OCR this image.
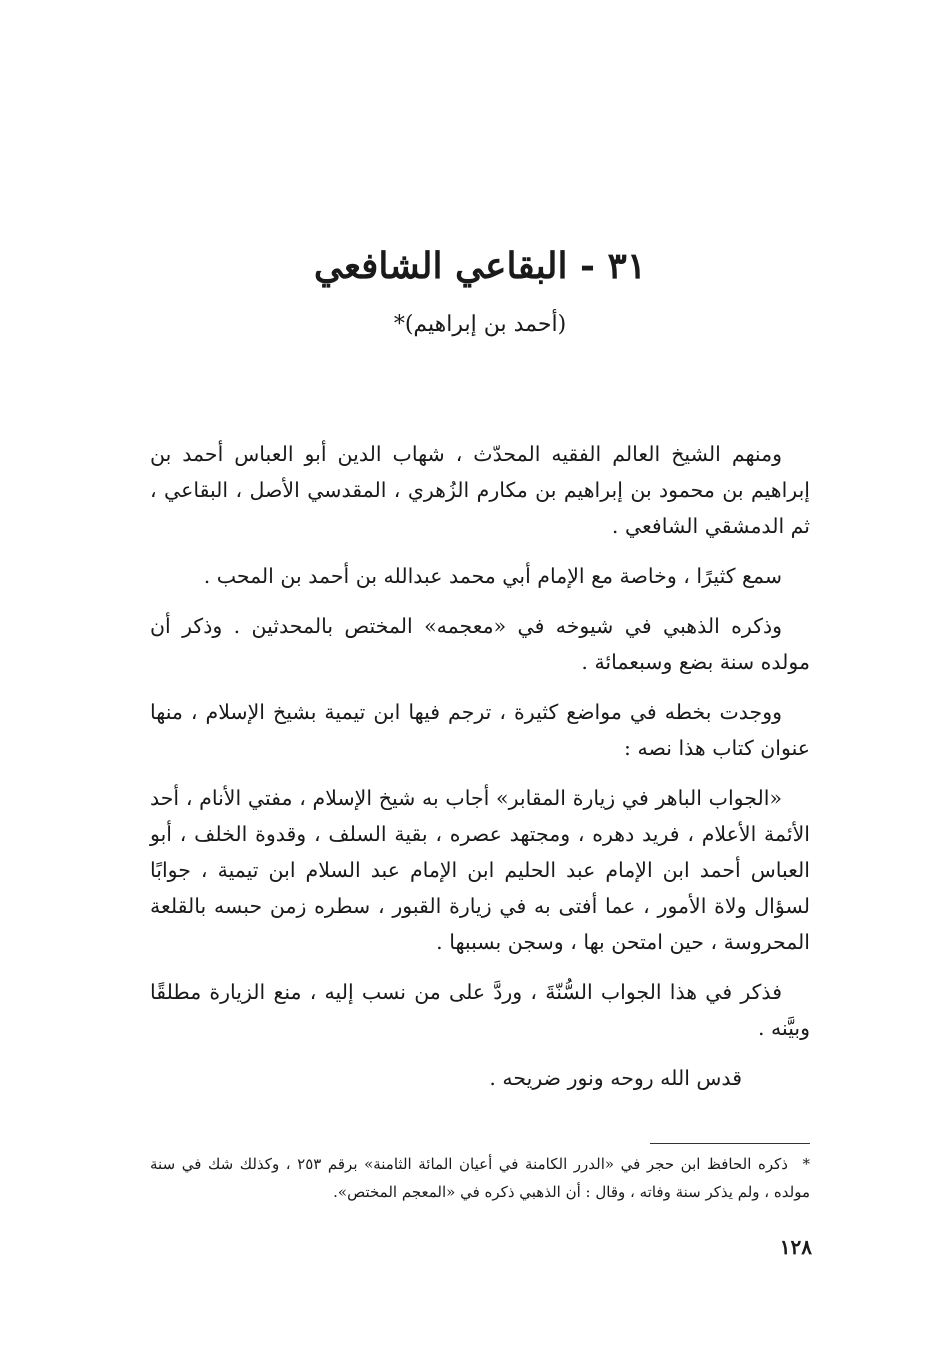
٣١ - البقاعي الشافعي
(أحمد بن إبراهيم)*

ومنهم الشيخ العالم الفقيه المحدّث ، شهاب الدين أبو العباس أحمد بن إبراهيم بن محمود بن إبراهيم بن مكارم الزُهري ، المقدسي الأصل ، البقاعي ، ثم الدمشقي الشافعي .

سمع كثيرًا ، وخاصة مع الإمام أبي محمد عبدالله بن أحمد بن المحب .

وذكره الذهبي في شيوخه في «معجمه» المختص بالمحدثين . وذكر أن مولده سنة بضع وسبعمائة .

ووجدت بخطه في مواضع كثيرة ، ترجم فيها ابن تيمية بشيخ الإسلام ، منها عنوان كتاب هذا نصه :

«الجواب الباهر في زيارة المقابر» أجاب به شيخ الإسلام ، مفتي الأنام ، أحد الأئمة الأعلام ، فريد دهره ، ومجتهد عصره ، بقية السلف ، وقدوة الخلف ، أبو العباس أحمد ابن الإمام عبد الحليم ابن الإمام عبد السلام ابن تيمية ، جوابًا لسؤال ولاة الأمور ، عما أفتى به في زيارة القبور ، سطره زمن حبسه بالقلعة المحروسة ، حين امتحن بها ، وسجن بسببها .

فذكر في هذا الجواب السُّنّةَ ، وردَّ على من نسب إليه ، منع الزيارة مطلقًا وبيَّنه .

قدس الله روحه ونور ضريحه .

* ذكره الحافظ ابن حجر في «الدرر الكامنة في أعيان المائة الثامنة» برقم ٢٥٣ ، وكذلك شك في سنة مولده ، ولم يذكر سنة وفاته ، وقال : أن الذهبي ذكره في «المعجم المختص».
١٢٨
